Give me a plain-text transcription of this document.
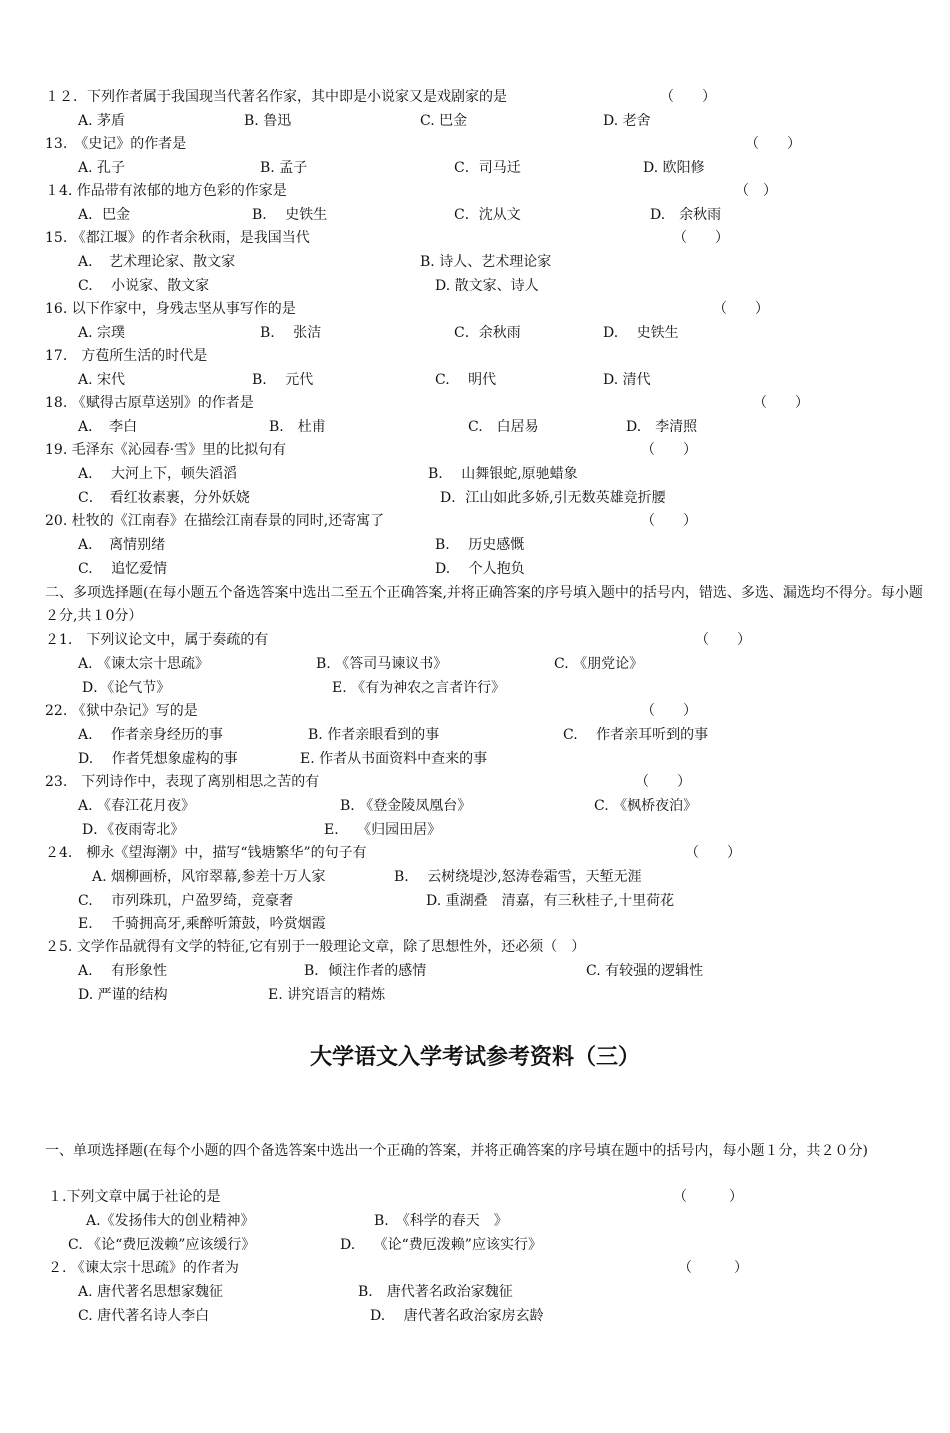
１２．下列作者属于我国现当代著名作家，其中即是小说家又是戏剧家的是	（　　）
A. 茅盾	B. 鲁迅	C. 巴金	D. 老舍
13.　《史记》的作者是	（　　）
A. 孔子	B. 孟子	C．司马迁	D. 欧阳修
１4. 作品带有浓郁的地方色彩的作家是	（　）
A．巴金	B.　 史铁生	C．沈从文	D.　余秋雨
15. 《都江堰》的作者余秋雨，是我国当代	（　　）
A．　艺术理论家、散文家	B. 诗人、艺术理论家
C.　 小说家、散文家	D. 散文家、诗人
16. 以下作家中，身残志坚从事写作的是	（　　）
A. 宗璞	B.　 张洁	C．余秋雨	D.　 史铁生
17.　方苞所生活的时代是
A. 宋代	B.　 元代	C.　 明代	D. 清代
18. 《赋得古原草送别》的作者是	（　　）
A．　李白	B.　杜甫	C.　白居易	D.　李清照
19. 毛泽东《沁园春·雪》里的比拟句有	（　　）
A.　 大河上下，顿失滔滔	B.　 山舞银蛇,原驰蜡象
C．　看红妆素裹，分外妖娆	D．江山如此多娇,引无数英雄竞折腰
20. 杜牧的《江南春》在描绘江南春景的同时,还寄寓了	（　　）
A．　离情别绪	B.　 历史感慨
C.　 追忆爱情	D.　 个人抱负
二、多项选择题(在每小题五个备选答案中选出二至五个正确答案,并将正确答案的序号填入题中的括号内，错选、多选、漏选均不得分。每小题２分,共１0分）
２1.　下列议论文中，属于奏疏的有	（　　）
A. 《谏太宗十思疏》	B. 《答司马谏议书》	C. 《朋党论》
D．《论气节》	E. 《有为神农之言者许行》
22. 《狱中杂记》写的是	（　　）
A.　 作者亲身经历的事	B. 作者亲眼看到的事	C.　 作者亲耳听到的事
D.　 作者凭想象虚构的事	E. 作者从书面资料中查来的事
23.　下列诗作中，表现了离别相思之苦的有	（　　）
A. 《春江花月夜》	B. 《登金陵凤凰台》	C. 《枫桥夜泊》
D．《夜雨寄北》	E.　 《归园田居》
２4.　柳永《望海潮》中，描写“钱塘繁华”的句子有	（　　）
A. 烟柳画桥，风帘翠幕,参差十万人家	B.　 云树绕堤沙,怒涛卷霜雪，天堑无涯
C.　 市列珠玑，户盈罗绮，竞豪奢	D. 重湖叠　清嘉，有三秋桂子,十里荷花
E.　 千骑拥高牙,乘醉听箫鼓，吟赏烟霞
２5. 文学作品就得有文学的特征,它有别于一般理论文章，除了思想性外，还必须（　）
A.　 有形象性	B．倾注作者的感情	C. 有较强的逻辑性
D. 严谨的结构	E. 讲究语言的精炼
大学语文入学考试参考资料（三）
一、单项选择题(在每个小题的四个备选答案中选出一个正确的答案，并将正确答案的序号填在题中的括号内，每小题１分，共２０分)
１.下列文章中属于社论的是	（　　　）
A.《发扬伟大的创业精神》	B.　《科学的春天　》
C. 《论“费厄泼赖”应该缓行》	D.　 《论“费厄泼赖”应该实行》
２. 《谏太宗十思疏》的作者为	（　　　）
A. 唐代著名思想家魏征	B.　唐代著名政治家魏征
C. 唐代著名诗人李白	D.　 唐代著名政治家房玄龄
